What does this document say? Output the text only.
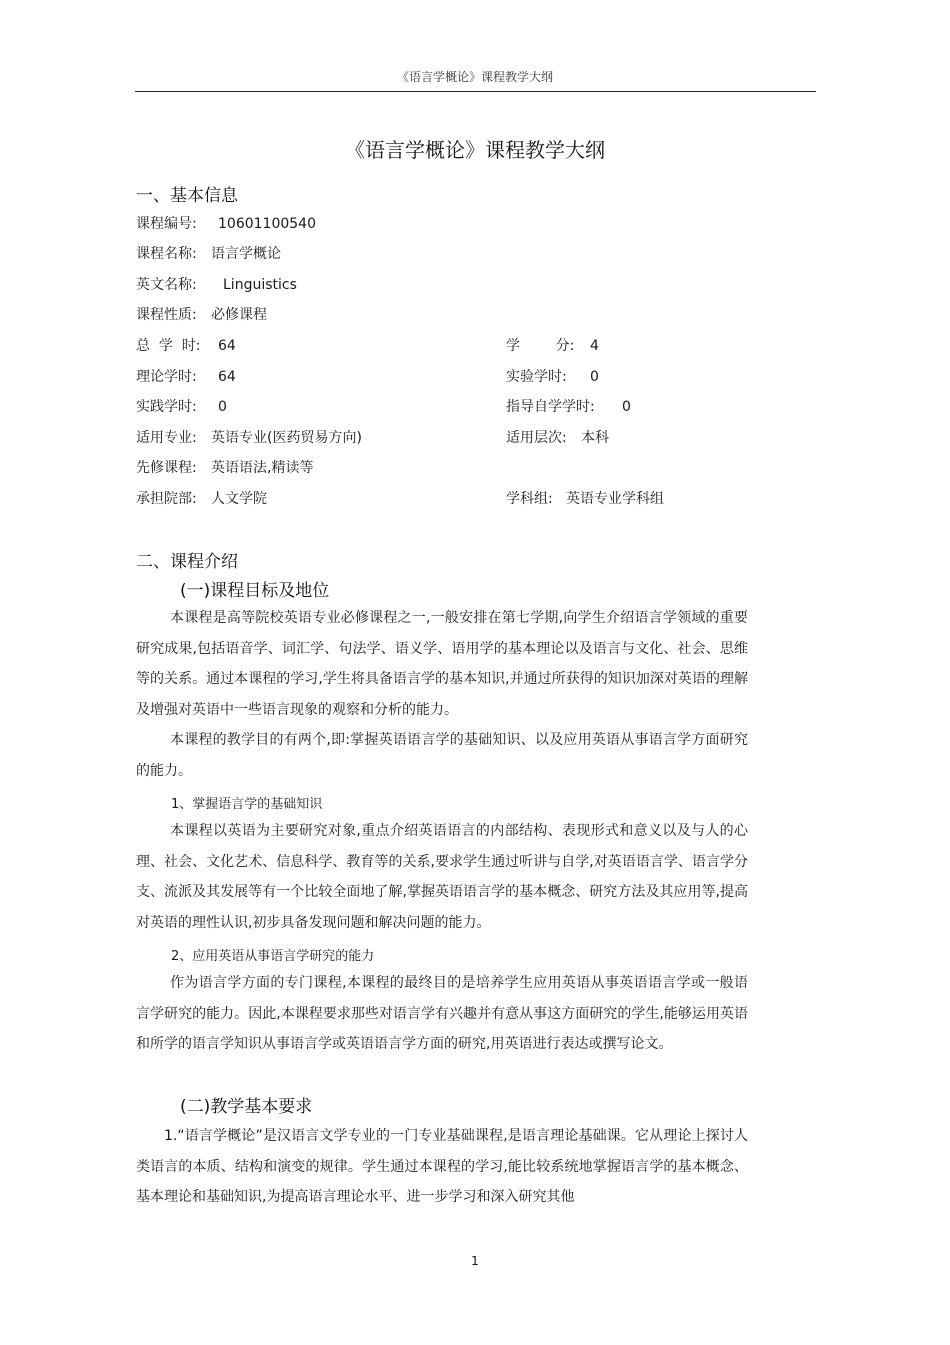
《语言学概论》课程教学大纲
《语言学概论》课程教学大纲
一、基本信息
课程编号: 10601100540
课程名称: 语言学概论
英文名称: Linguistics
课程性质: 必修课程
总  学  时: 64	学        分: 4
理论学时: 64	实验学时: 0
实践学时: 0	指导自学学时: 0
适用专业: 英语专业(医药贸易方向)	适用层次: 本科
先修课程: 英语语法,精读等
承担院部: 人文学院	学科组: 英语专业学科组
二、课程介绍
(一)课程目标及地位
本课程是高等院校英语专业必修课程之一,一般安排在第七学期,向学生介绍语言学领域的重要研究成果,包括语音学、词汇学、句法学、语义学、语用学的基本理论以及语言与文化、社会、思维等的关系。通过本课程的学习,学生将具备语言学的基本知识,并通过所获得的知识加深对英语的理解及增强对英语中一些语言现象的观察和分析的能力。
本课程的教学目的有两个,即:掌握英语语言学的基础知识、以及应用英语从事语言学方面研究的能力。
1、掌握语言学的基础知识
本课程以英语为主要研究对象,重点介绍英语语言的内部结构、表现形式和意义以及与人的心理、社会、文化艺术、信息科学、教育等的关系,要求学生通过听讲与自学,对英语语言学、语言学分支、流派及其发展等有一个比较全面地了解,掌握英语语言学的基本概念、研究方法及其应用等,提高对英语的理性认识,初步具备发现问题和解决问题的能力。
2、应用英语从事语言学研究的能力
作为语言学方面的专门课程,本课程的最终目的是培养学生应用英语从事英语语言学或一般语言学研究的能力。因此,本课程要求那些对语言学有兴趣并有意从事这方面研究的学生,能够运用英语和所学的语言学知识从事语言学或英语语言学方面的研究,用英语进行表达或撰写论文。
(二)教学基本要求
1.“语言学概论”是汉语言文学专业的一门专业基础课程,是语言理论基础课。它从理论上探讨人类语言的本质、结构和演变的规律。学生通过本课程的学习,能比较系统地掌握语言学的基本概念、基本理论和基础知识,为提高语言理论水平、进一步学习和深入研究其他
1
